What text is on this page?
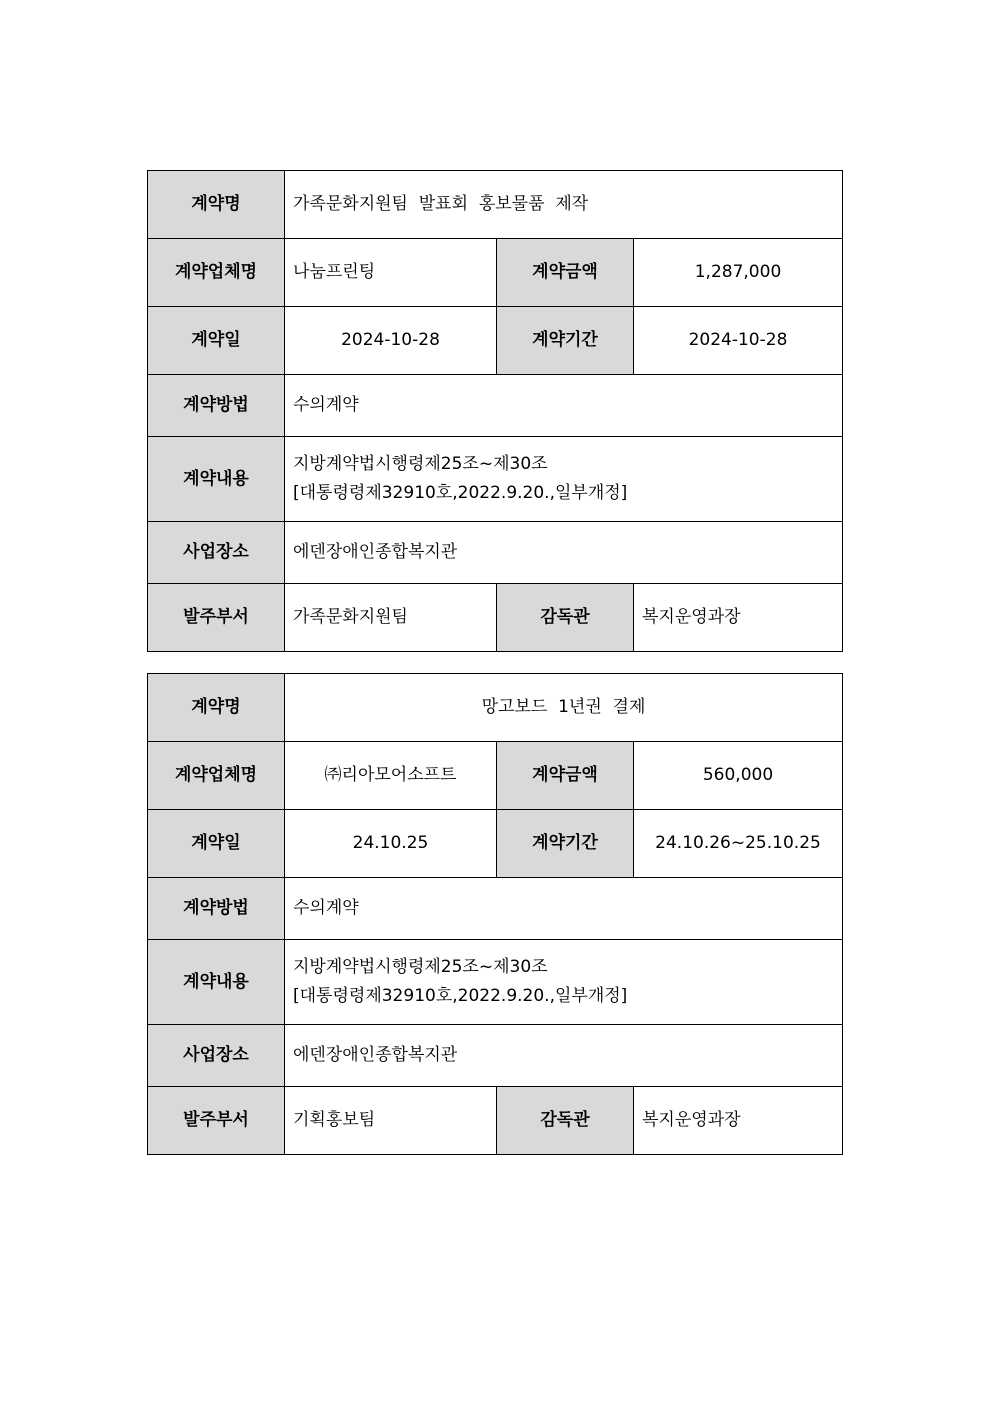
계약명	가족문화지원팀  발표회  홍보물품  제작		
계약업체명	나눔프린팅	계약금액	1,287,000
계약일	2024-10-28	계약기간	2024-10-28
계약방법	수의계약		
계약내용	지방계약법시행령제25조~제30조
[대통령령제32910호,2022.9.20.,일부개정]		

사업장소	에덴장애인종합복지관		
발주부서	가족문화지원팀	감독관	복지운영과장
계약명	망고보드  1년권  결제		
계약업체명	㈜리아모어소프트	계약금액	560,000
계약일	24.10.25	계약기간	24.10.26~25.10.25
계약방법	수의계약		
계약내용	지방계약법시행령제25조~제30조
[대통령령제32910호,2022.9.20.,일부개정]		

사업장소	에덴장애인종합복지관		
발주부서	기획홍보팀	감독관	복지운영과장
